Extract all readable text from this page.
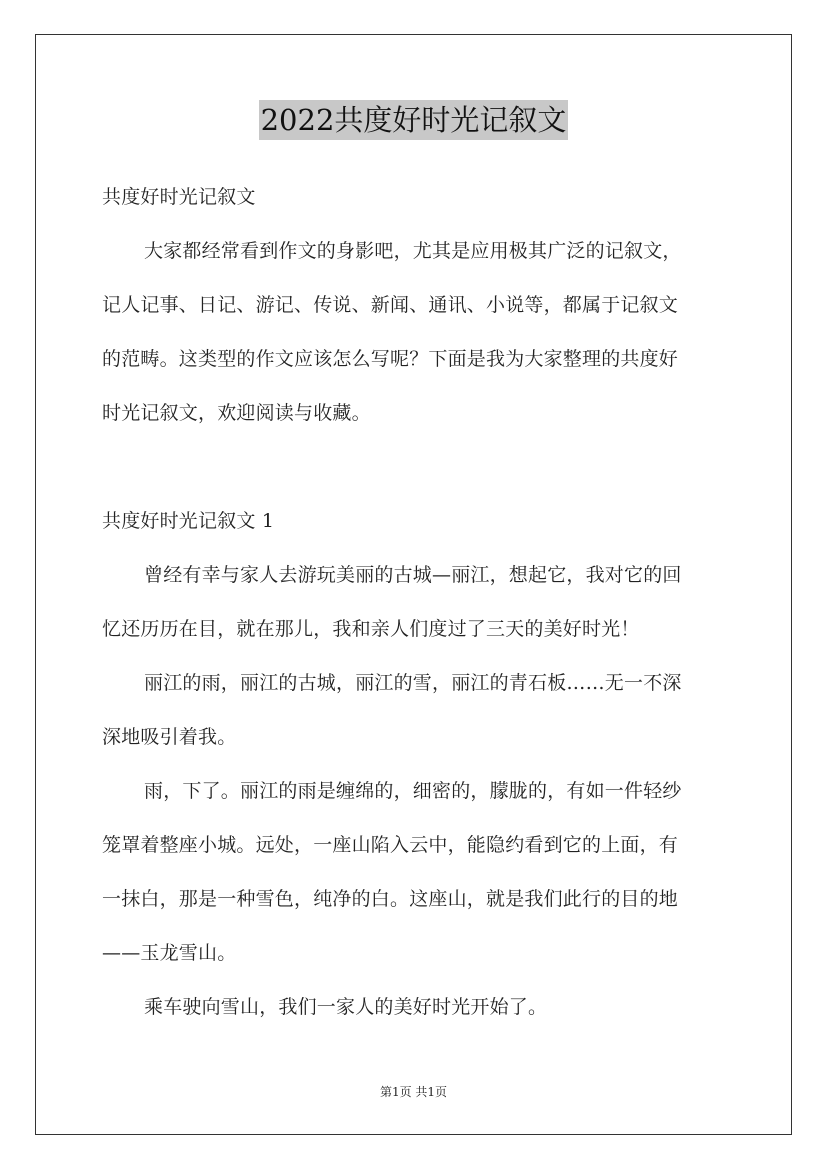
2022共度好时光记叙文
共度好时光记叙文
大家都经常看到作文的身影吧，尤其是应用极其广泛的记叙文，
记人记事、日记、游记、传说、新闻、通讯、小说等，都属于记叙文
的范畴。这类型的作文应该怎么写呢？下面是我为大家整理的共度好
时光记叙文，欢迎阅读与收藏。
共度好时光记叙文 1
曾经有幸与家人去游玩美丽的古城—丽江，想起它，我对它的回
忆还历历在目，就在那儿，我和亲人们度过了三天的美好时光！
丽江的雨，丽江的古城，丽江的雪，丽江的青石板……无一不深
深地吸引着我。
雨，下了。丽江的雨是缠绵的，细密的，朦胧的，有如一件轻纱
笼罩着整座小城。远处，一座山陷入云中，能隐约看到它的上面，有
一抹白，那是一种雪色，纯净的白。这座山，就是我们此行的目的地
——玉龙雪山。
乘车驶向雪山，我们一家人的美好时光开始了。
第1页 共1页
